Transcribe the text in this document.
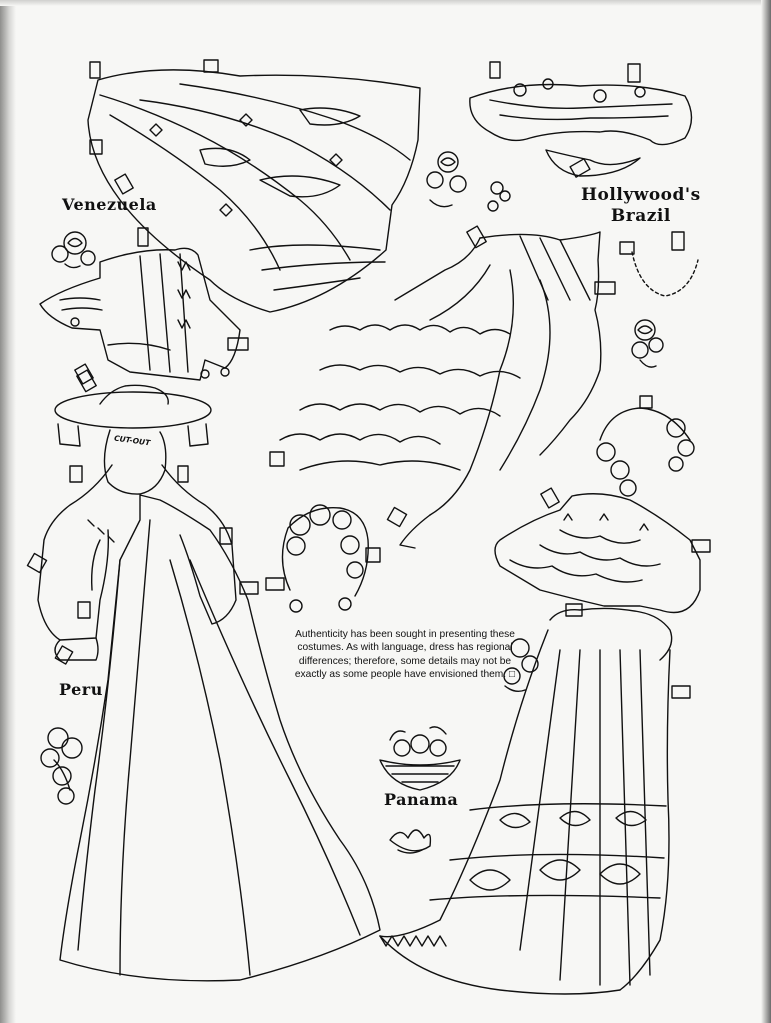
Venezuela	Hollywood's
Brazil
Peru
Panama
CUT-OUT
Authenticity has been sought in presenting these costumes. As with language, dress has regional differences; therefore, some details may not be exactly as some people have envisioned them. □
